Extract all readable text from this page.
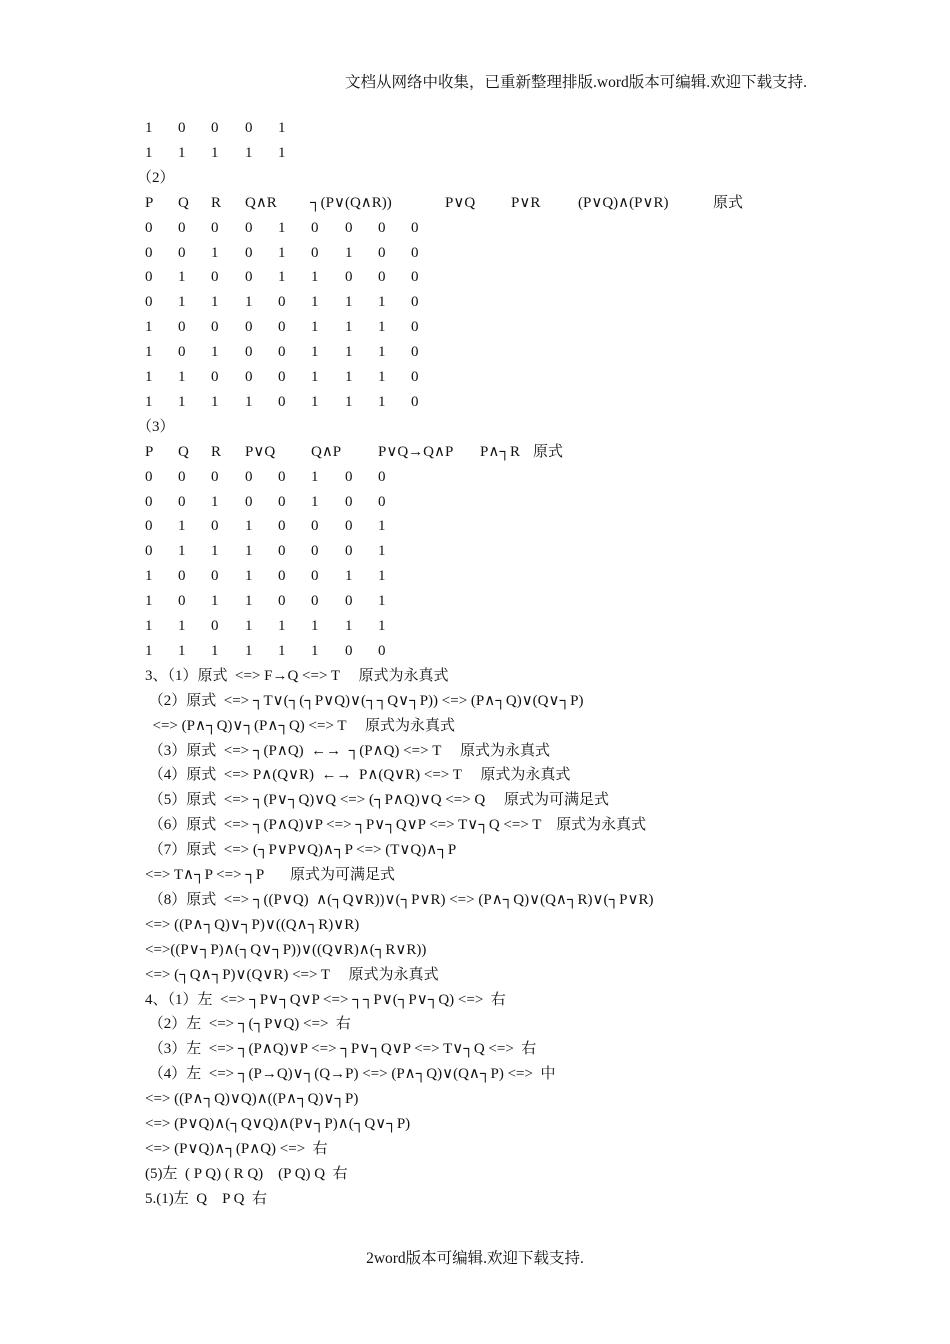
文档从网络中收集，已重新整理排版.word版本可编辑.欢迎下载支持.
1 0 0 0 1
1 1 1 1 1
（2）
P Q R Q∧R ┐(P∨(Q∧R))	P∨Q P∨R	(P∨Q)∧(P∨R)	原式
0 0 0 0 1 0 0 0 0
0 0 1 0 1 0 1 0 0
0 1 0 0 1 1 0 0 0
0 1 1 1 0 1 1 1 0
1 0 0 0 0 1 1 1 0
1 0 1 0 0 1 1 1 0
1 1 0 0 0 1 1 1 0
1 1 1 1 0 1 1 1 0
（3）
P Q R P∨Q Q∧P P∨Q→Q∧P P∧┐R 原式
0 0 0 0 0 1 0 0
0 0 1 0 0 1 0 0
0 1 0 1 0 0 0 1
0 1 1 1 0 0 0 1
1 0 0 1 0 0 1 1
1 0 1 1 0 0 0 1
1 1 0 1 1 1 1 1
1 1 1 1 1 1 0 0
3、（1）原式  <=> F→Q <=> T     原式为永真式
（2）原式  <=> ┐T∨(┐(┐P∨Q)∨(┐┐Q∨┐P)) <=> (P∧┐Q)∨(Q∨┐P)
<=> (P∧┐Q)∨┐(P∧┐Q) <=> T     原式为永真式
（3）原式  <=> ┐(P∧Q)  ←→  ┐(P∧Q) <=> T     原式为永真式
（4）原式  <=> P∧(Q∨R)  ←→  P∧(Q∨R) <=> T     原式为永真式
（5）原式  <=> ┐(P∨┐Q)∨Q <=> (┐P∧Q)∨Q <=> Q     原式为可满足式
（6）原式  <=> ┐(P∧Q)∨P <=> ┐P∨┐Q∨P <=> T∨┐Q <=> T    原式为永真式
（7）原式  <=> (┐P∨P∨Q)∧┐P <=> (T∨Q)∧┐P
<=> T∧┐P <=> ┐P       原式为可满足式
（8）原式  <=> ┐((P∨Q)  ∧(┐Q∨R))∨(┐P∨R) <=> (P∧┐Q)∨(Q∧┐R)∨(┐P∨R)
<=> ((P∧┐Q)∨┐P)∨((Q∧┐R)∨R)
<=>((P∨┐P)∧(┐Q∨┐P))∨((Q∨R)∧(┐R∨R))
<=> (┐Q∧┐P)∨(Q∨R) <=> T     原式为永真式
4、（1）左  <=> ┐P∨┐Q∨P <=> ┐┐P∨(┐P∨┐Q) <=>  右
（2）左  <=> ┐(┐P∨Q) <=>  右
（3）左  <=> ┐(P∧Q)∨P <=> ┐P∨┐Q∨P <=> T∨┐Q <=>  右
（4）左  <=> ┐(P→Q)∨┐(Q→P) <=> (P∧┐Q)∨(Q∧┐P) <=>  中
<=> ((P∧┐Q)∨Q)∧((P∧┐Q)∨┐P)
<=> (P∨Q)∧(┐Q∨Q)∧(P∨┐P)∧(┐Q∨┐P)
<=> (P∨Q)∧┐(P∧Q) <=>  右
(5)左  ( P Q) ( R Q)    (P Q) Q  右
5.(1)左  Q    P Q  右
2word版本可编辑.欢迎下载支持.
